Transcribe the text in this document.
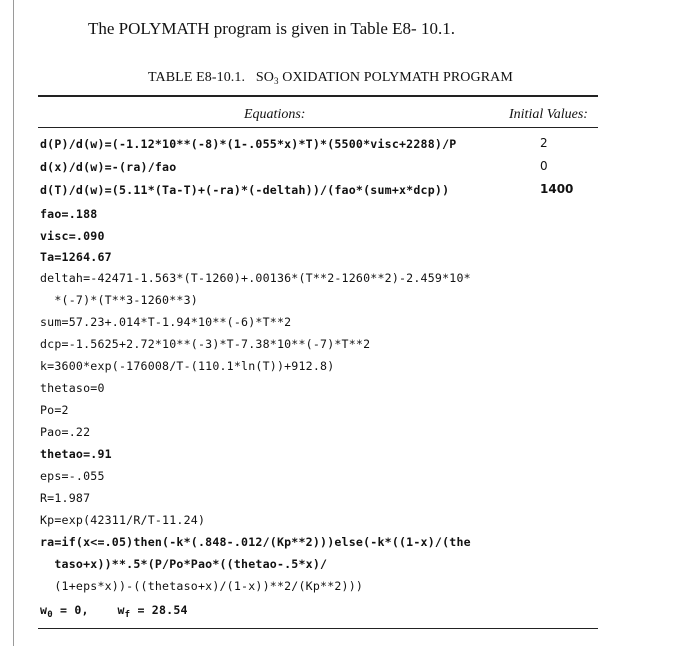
The POLYMATH program is given in Table E8- 10.1.
TABLE E8-10.1. $SO_3$ OXIDATION POLYMATH PROGRAM
Equations:	Initial Values:
d(P)/d(w)=(-1.12*10**(-8)*(1-.055*x)*T)*(5500*visc+2288)/P	2
d(x)/d(w)=-(ra)/fao	0
d(T)/d(w)=(5.11*(Ta-T)+(-ra)*(-deltah))/(fao*(sum+x*dcp))	1400
fao=.188
visc=.090
Ta=1264.67
deltah=-42471-1.563*(T-1260)+.00136*(T**2-1260**2)-2.459*10*
*(-7)*(T**3-1260**3)
sum=57.23+.014*T-1.94*10**(-6)*T**2
dcp=-1.5625+2.72*10**(-3)*T-7.38*10**(-7)*T**2
k=3600*exp(-176008/T-(110.1*ln(T))+912.8)
thetaso=0
Po=2
Pao=.22
thetao=.91
eps=-.055
R=1.987
Kp=exp(42311/R/T-11.24)
ra=if(x<=.05)then(-k*(.848-.012/(Kp**2)))else(-k*((1-x)/(the
taso+x))**.5*(P/Po*Pao*((thetao-.5*x)/
(1+eps*x))-((thetaso+x)/(1-x))**2/(Kp**2)))
$w_0 = 0$, $w_f = 28.54$
